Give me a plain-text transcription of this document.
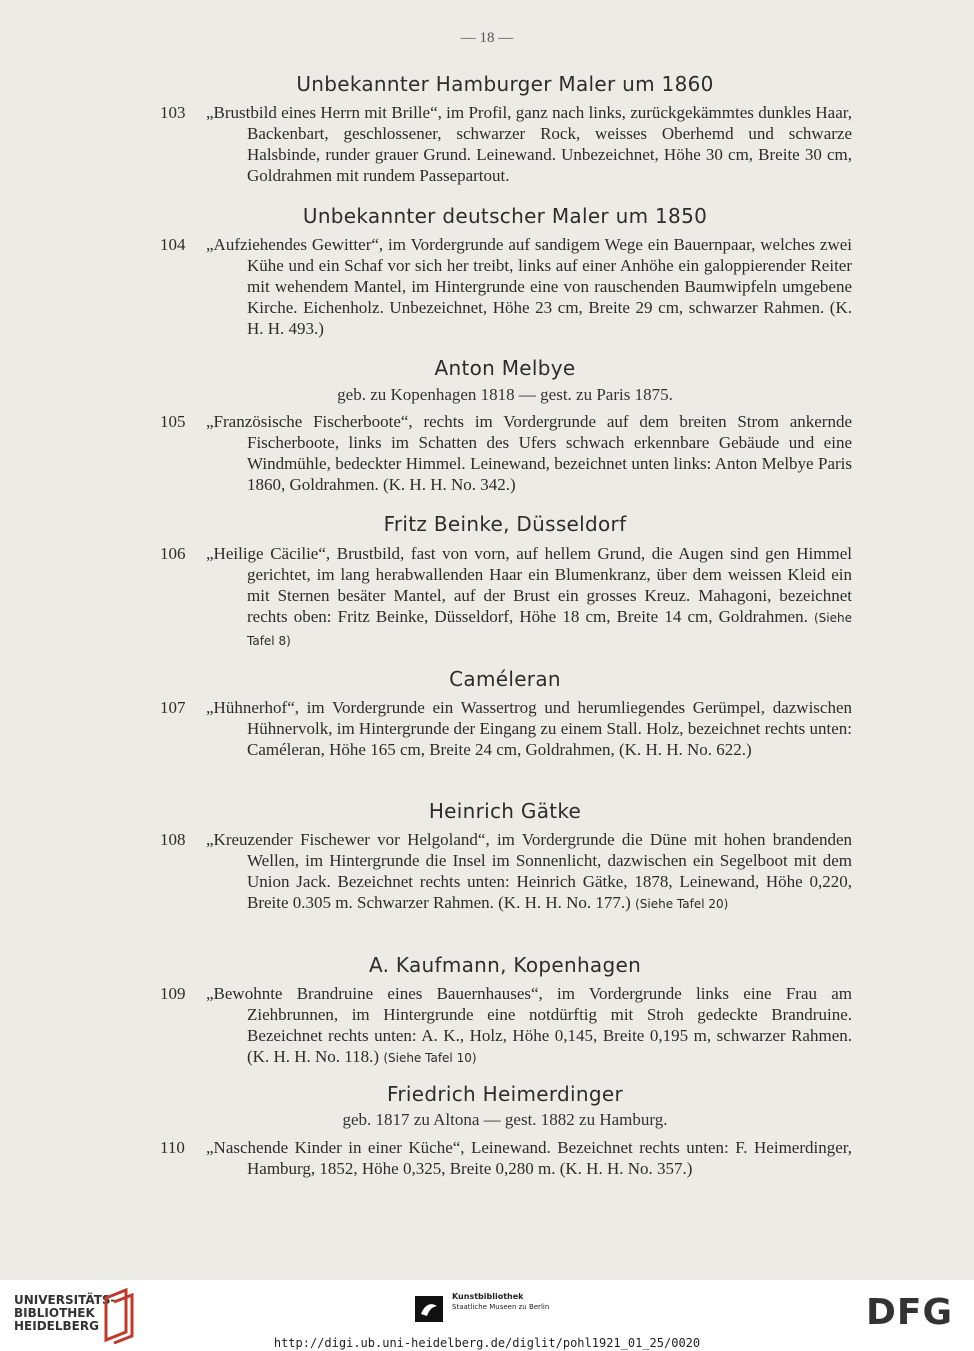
— 18 —
Unbekannter Hamburger Maler um 1860
103	„Brustbild eines Herrn mit Brille“, im Profil, ganz nach links, zurückgekämmtes dunkles Haar, Backenbart, geschlossener, schwarzer Rock, weisses Oberhemd und schwarze Halsbinde, runder grauer Grund. Leinewand. Unbezeichnet, Höhe 30 cm, Breite 30 cm, Goldrahmen mit rundem Passepartout.
Unbekannter deutscher Maler um 1850
104	„Aufziehendes Gewitter“, im Vordergrunde auf sandigem Wege ein Bauernpaar, welches zwei Kühe und ein Schaf vor sich her treibt, links auf einer Anhöhe ein galoppierender Reiter mit wehendem Mantel, im Hintergrunde eine von rauschenden Baumwipfeln umgebene Kirche. Eichenholz. Unbezeichnet, Höhe 23 cm, Breite 29 cm, schwarzer Rahmen. (K. H. H. 493.)
Anton Melbye
geb. zu Kopenhagen 1818 — gest. zu Paris 1875.
105	„Französische Fischerboote“, rechts im Vordergrunde auf dem breiten Strom ankernde Fischerboote, links im Schatten des Ufers schwach erkennbare Gebäude und eine Windmühle, bedeckter Himmel. Leinewand, bezeichnet unten links: Anton Melbye Paris 1860, Goldrahmen. (K. H. H. No. 342.)
Fritz Beinke, Düsseldorf
106	„Heilige Cäcilie“, Brustbild, fast von vorn, auf hellem Grund, die Augen sind gen Himmel gerichtet, im lang herabwallenden Haar ein Blumenkranz, über dem weissen Kleid ein mit Sternen besäter Mantel, auf der Brust ein grosses Kreuz. Mahagoni, bezeichnet rechts oben: Fritz Beinke, Düsseldorf, Höhe 18 cm, Breite 14 cm, Goldrahmen. (Siehe Tafel 8)
Caméleran
107	„Hühnerhof“, im Vordergrunde ein Wassertrog und herumliegendes Gerümpel, dazwischen Hühnervolk, im Hintergrunde der Eingang zu einem Stall. Holz, bezeichnet rechts unten: Caméleran, Höhe 165 cm, Breite 24 cm, Goldrahmen, (K. H. H. No. 622.)
Heinrich Gätke
108	„Kreuzender Fischewer vor Helgoland“, im Vordergrunde die Düne mit hohen brandenden Wellen, im Hintergrunde die Insel im Sonnenlicht, dazwischen ein Segelboot mit dem Union Jack. Bezeichnet rechts unten: Heinrich Gätke, 1878, Leinewand, Höhe 0,220, Breite 0.305 m. Schwarzer Rahmen. (K. H. H. No. 177.) (Siehe Tafel 20)
A. Kaufmann, Kopenhagen
109	„Bewohnte Brandruine eines Bauernhauses“, im Vordergrunde links eine Frau am Ziehbrunnen, im Hintergrunde eine notdürftig mit Stroh gedeckte Brandruine. Bezeichnet rechts unten: A. K., Holz, Höhe 0,145, Breite 0,195 m, schwarzer Rahmen. (K. H. H. No. 118.) (Siehe Tafel 10)
Friedrich Heimerdinger
geb. 1817 zu Altona — gest. 1882 zu Hamburg.
110	„Naschende Kinder in einer Küche“, Leinewand. Bezeichnet rechts unten: F. Heimerdinger, Hamburg, 1852, Höhe 0,325, Breite 0,280 m. (K. H. H. No. 357.)
UNIVERSITÄTS-
BIBLIOTHEK
HEIDELBERG
Kunstbibliothek
Staatliche Museen zu Berlin	DFG
http://digi.ub.uni-heidelberg.de/diglit/pohl1921_01_25/0020
